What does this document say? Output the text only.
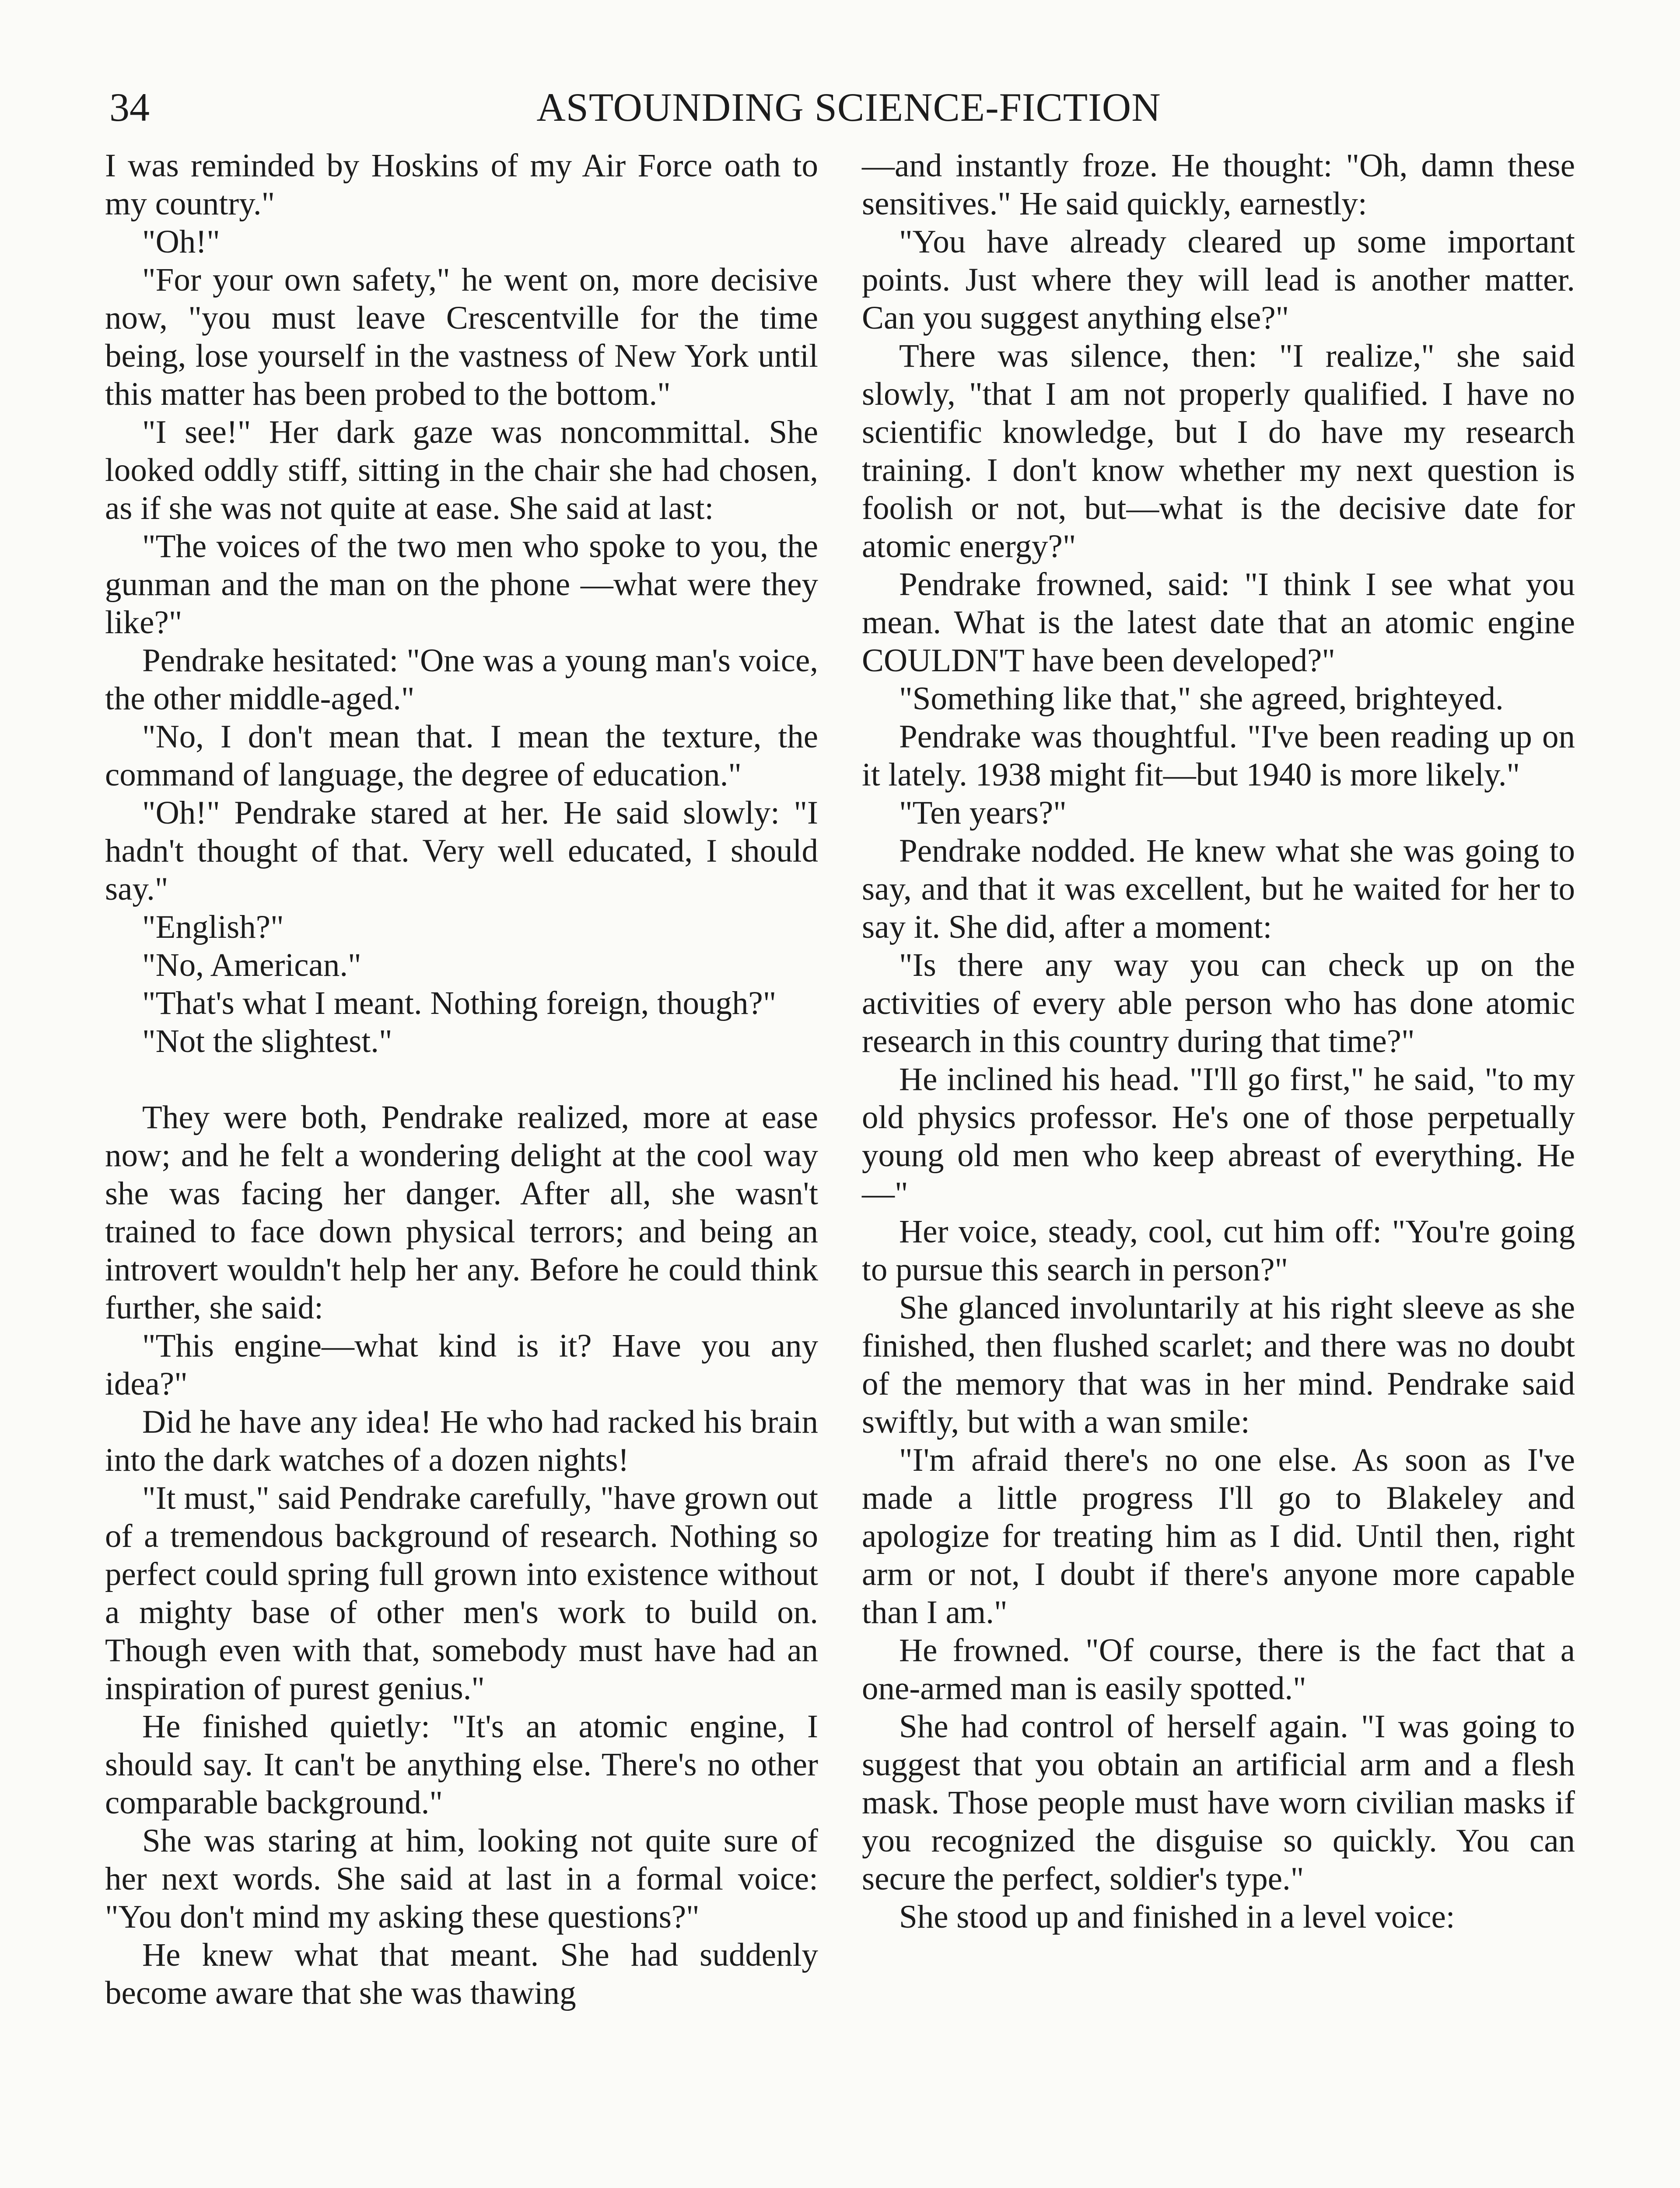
34	ASTOUNDING SCIENCE-FICTION

I was reminded by Hoskins of my Air Force oath to my country."

"Oh!"

"For your own safety," he went on, more decisive now, "you must leave Crescentville for the time being, lose yourself in the vastness of New York until this matter has been probed to the bottom."

"I see!" Her dark gaze was noncommittal. She looked oddly stiff, sitting in the chair she had chosen, as if she was not quite at ease. She said at last:

"The voices of the two men who spoke to you, the gunman and the man on the phone —what were they like?"

Pendrake hesitated: "One was a young man's voice, the other middle-aged."

"No, I don't mean that. I mean the texture, the command of language, the degree of education."

"Oh!" Pendrake stared at her. He said slowly: "I hadn't thought of that. Very well educated, I should say."

"English?"

"No, American."

"That's what I meant. Nothing foreign, though?"

"Not the slightest."

They were both, Pendrake realized, more at ease now; and he felt a wondering delight at the cool way she was facing her danger. After all, she wasn't trained to face down physical terrors; and being an introvert wouldn't help her any. Before he could think further, she said:

"This engine—what kind is it? Have you any idea?"

Did he have any idea! He who had racked his brain into the dark watches of a dozen nights!

"It must," said Pendrake carefully, "have grown out of a tremendous background of research. Nothing so perfect could spring full grown into existence without a mighty base of other men's work to build on. Though even with that, somebody must have had an inspiration of purest genius."

He finished quietly: "It's an atomic engine, I should say. It can't be anything else. There's no other comparable background."

She was staring at him, looking not quite sure of her next words. She said at last in a formal voice: "You don't mind my asking these questions?"

He knew what that meant. She had suddenly become aware that she was thawing

—and instantly froze. He thought: "Oh, damn these sensitives." He said quickly, earnestly:

"You have already cleared up some important points. Just where they will lead is another matter. Can you suggest anything else?"

There was silence, then: "I realize," she said slowly, "that I am not properly qualified. I have no scientific knowledge, but I do have my research training. I don't know whether my next question is foolish or not, but—what is the decisive date for atomic energy?"

Pendrake frowned, said: "I think I see what you mean. What is the latest date that an atomic engine COULDN'T have been developed?"

"Something like that," she agreed, brighteyed.

Pendrake was thoughtful. "I've been reading up on it lately. 1938 might fit—but 1940 is more likely."

"Ten years?"

Pendrake nodded. He knew what she was going to say, and that it was excellent, but he waited for her to say it. She did, after a moment:

"Is there any way you can check up on the activities of every able person who has done atomic research in this country during that time?"

He inclined his head. "I'll go first," he said, "to my old physics professor. He's one of those perpetually young old men who keep abreast of everything. He—"

Her voice, steady, cool, cut him off: "You're going to pursue this search in person?"

She glanced involuntarily at his right sleeve as she finished, then flushed scarlet; and there was no doubt of the memory that was in her mind. Pendrake said swiftly, but with a wan smile:

"I'm afraid there's no one else. As soon as I've made a little progress I'll go to Blakeley and apologize for treating him as I did. Until then, right arm or not, I doubt if there's anyone more capable than I am."

He frowned. "Of course, there is the fact that a one-armed man is easily spotted."

She had control of herself again. "I was going to suggest that you obtain an artificial arm and a flesh mask. Those people must have worn civilian masks if you recognized the disguise so quickly. You can secure the perfect, soldier's type."

She stood up and finished in a level voice:
